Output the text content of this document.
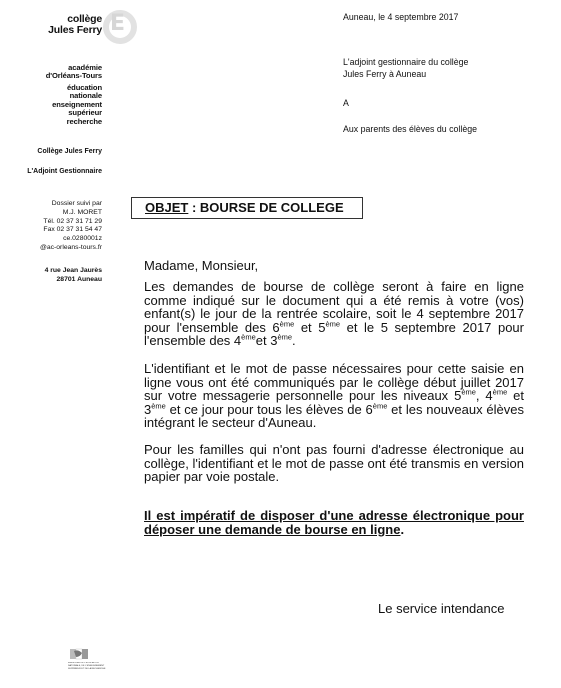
E
collège
Jules Ferry
académie
d'Orléans-Tours
éducation
nationale
enseignement
supérieur
recherche
Collège Jules Ferry
L'Adjoint Gestionnaire
Dossier suivi par
M.J. MORET
Tél. 02 37 31 71 29
Fax 02 37 31 54 47
ce.0280001z
@ac-orleans-tours.fr
4 rue Jean Jaurès
28701 Auneau
Auneau, le 4 septembre 2017
L'adjoint gestionnaire du collège
Jules Ferry à Auneau
A
Aux parents des élèves du collège
OBJET : BOURSE DE COLLEGE
Madame, Monsieur,
Les demandes de bourse de collège seront à faire en ligne comme indiqué sur le document qui a été remis à votre (vos) enfant(s) le jour de la rentrée scolaire, soit le 4 septembre 2017 pour l'ensemble des 6ème et 5ème et le 5 septembre 2017 pour l'ensemble des 4èmeet 3ème.
L'identifiant et le mot de passe nécessaires pour cette saisie en ligne vous ont été communiqués par le collège début juillet 2017 sur votre messagerie personnelle pour les niveaux 5ème, 4ème et 3ème et ce jour pour tous les élèves de 6ème et les nouveaux élèves intégrant le secteur d'Auneau.
Pour les familles qui n'ont pas fourni d'adresse électronique au collège, l'identifiant et le mot de passe ont été transmis en version papier par voie postale.
Il est impératif de disposer d'une adresse électronique pour déposer une demande de bourse en ligne.
Le service intendance
MINISTÈRE DE L'ÉDUCATION NATIONALE, DE L'ENSEIGNEMENT SUPÉRIEUR ET DE LA RECHERCHE
